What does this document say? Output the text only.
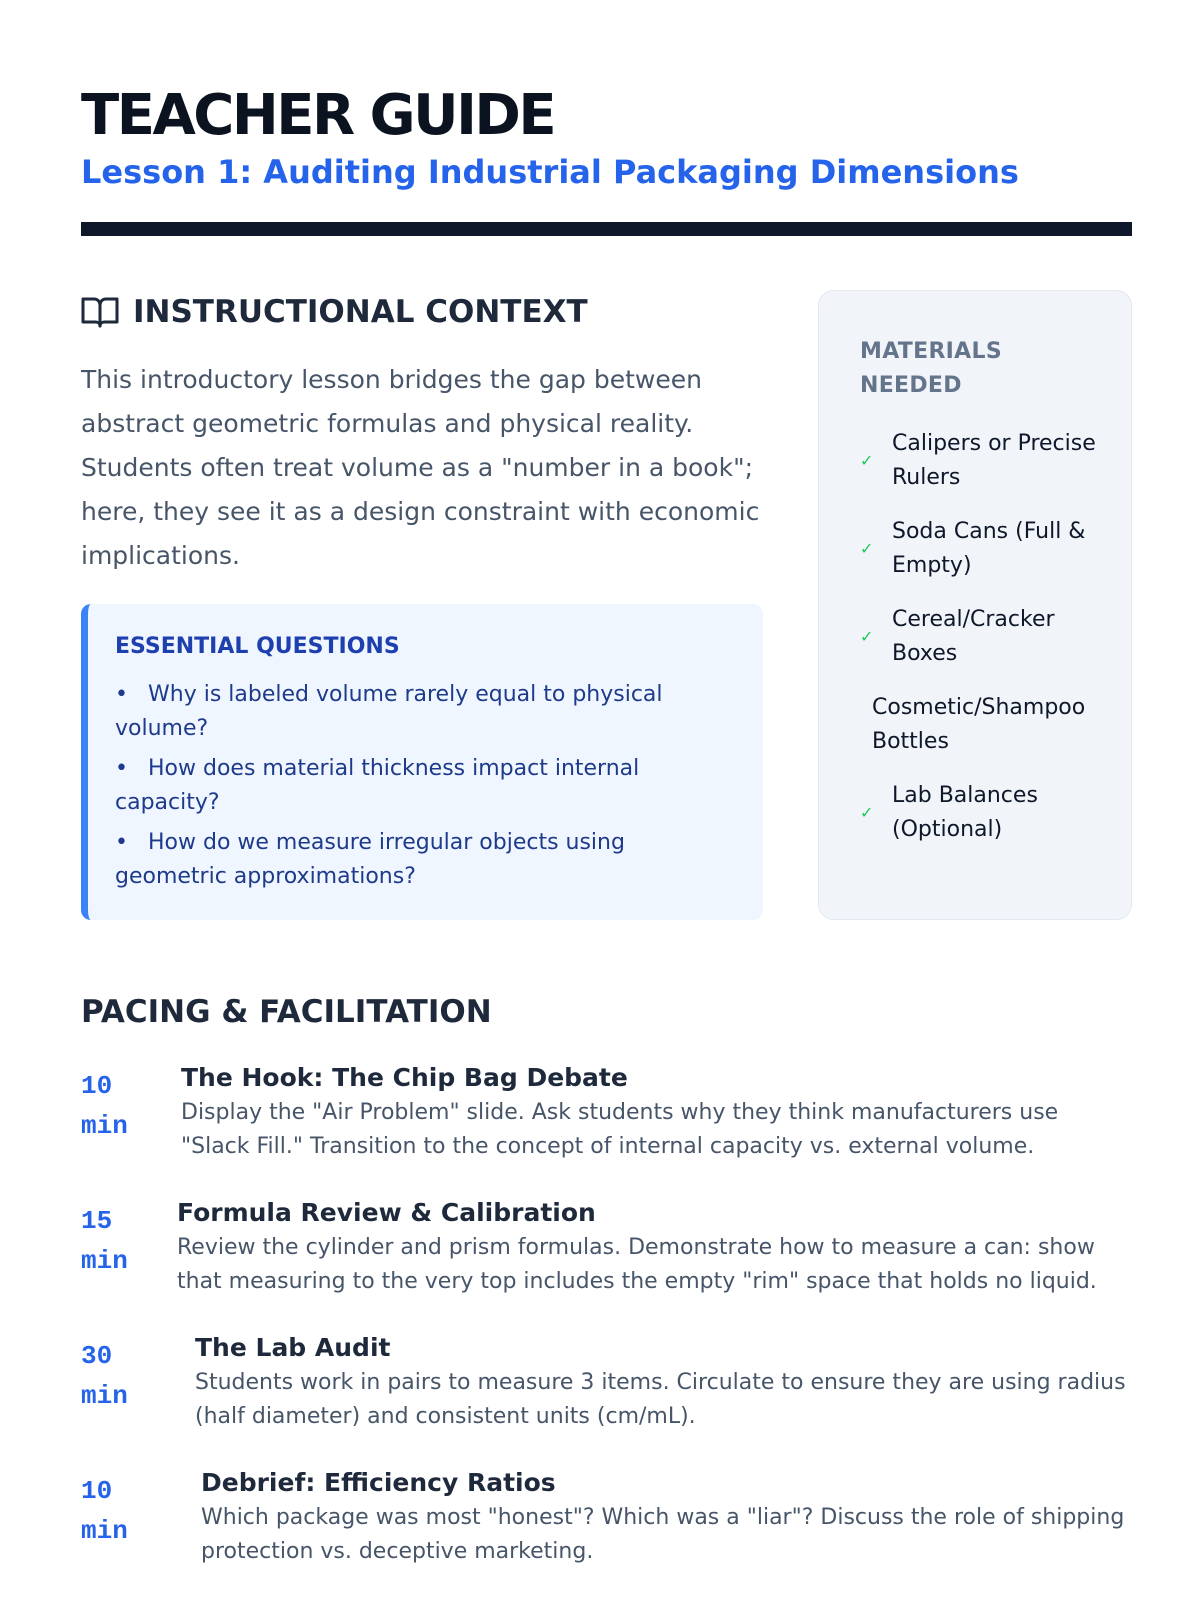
TEACHER GUIDE
Lesson 1: Auditing Industrial Packaging Dimensions
INSTRUCTIONAL CONTEXT

This introductory lesson bridges the gap between abstract geometric formulas and physical reality. Students often treat volume as a "number in a book"; here, they see it as a design constraint with economic implications.

ESSENTIAL QUESTIONS
• Why is labeled volume rarely equal to physical volume?
• How does material thickness impact internal capacity?
• How do we measure irregular objects using geometric approximations?
MATERIALS NEEDED
✓
Calipers or Precise Rulers
✓
Soda Cans (Full & Empty)
✓
Cereal/Cracker Boxes
Cosmetic/Shampoo Bottles
✓
Lab Balances (Optional)
PACING & FACILITATION
10
min
The Hook: The Chip Bag Debate
Display the "Air Problem" slide. Ask students why they think manufacturers use "Slack Fill." Transition to the concept of internal capacity vs. external volume.
15
min
Formula Review & Calibration
Review the cylinder and prism formulas. Demonstrate how to measure a can: show that measuring to the very top includes the empty "rim" space that holds no liquid.
30
min
The Lab Audit
Students work in pairs to measure 3 items. Circulate to ensure they are using radius (half diameter) and consistent units (cm/mL).
10
min
Debrief: Efficiency Ratios
Which package was most "honest"? Which was a "liar"? Discuss the role of shipping protection vs. deceptive marketing.
